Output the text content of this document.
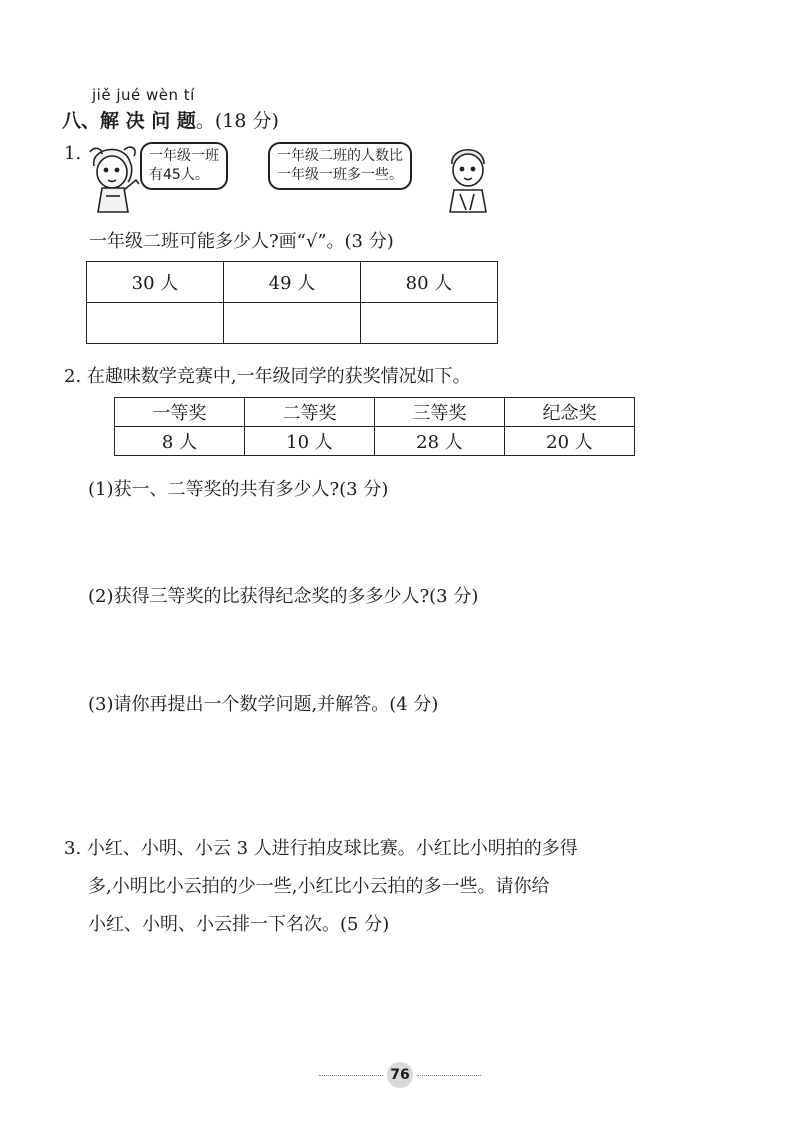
jiě jué wèn tí
八、解 决 问 题。(18 分)
1.	一年级一班
有45人。
一年级二班的人数比
一年级一班多一些。
一年级二班可能多少人?画“√”。(3 分)
30 人	49 人	80 人

2. 在趣味数学竞赛中,一年级同学的获奖情况如下。
一等奖	二等奖	三等奖	纪念奖
8 人	10 人	28 人	20 人
(1)获一、二等奖的共有多少人?(3 分)
(2)获得三等奖的比获得纪念奖的多多少人?(3 分)
(3)请你再提出一个数学问题,并解答。(4 分)
3. 小红、小明、小云 3 人进行拍皮球比赛。小红比小明拍的多得
多,小明比小云拍的少一些,小红比小云拍的多一些。请你给
小红、小明、小云排一下名次。(5 分)
76
